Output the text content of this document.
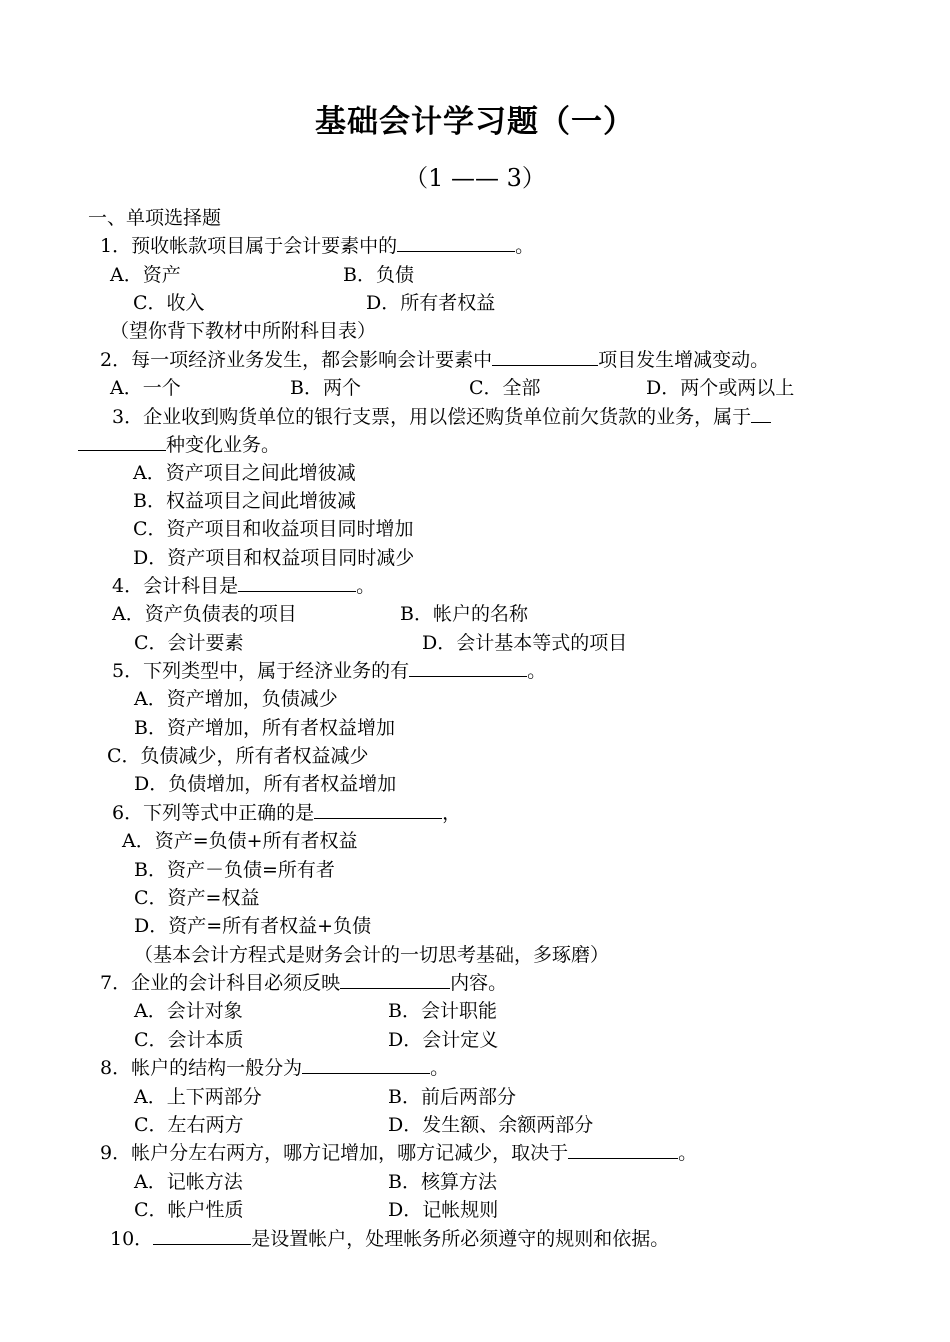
基础会计学习题（一）
（1 —— 3）
一、单项选择题
1．预收帐款项目属于会计要素中的	。
A．资产	B．负债
C．收入	D．所有者权益
（望你背下教材中所附科目表）
2．每一项经济业务发生，都会影响会计要素中	项目发生增减变动。
A．一个	B．两个	C．全部	D．两个或两以上
3．企业收到购货单位的银行支票，用以偿还购货单位前欠货款的业务，属于
种变化业务。
A．资产项目之间此增彼减
B．权益项目之间此增彼减
C．资产项目和收益项目同时增加
D．资产项目和权益项目同时减少
4．会计科目是	。
A．资产负债表的项目	B．帐户的名称
C．会计要素	D．会计基本等式的项目
5．下列类型中，属于经济业务的有	。
A．资产增加，负债减少
B．资产增加，所有者权益增加
C．负债减少，所有者权益减少
D．负债增加，所有者权益增加
6．下列等式中正确的是	，
A．资产=负债+所有者权益
B．资产－负债=所有者
C．资产=权益
D．资产=所有者权益+负债
（基本会计方程式是财务会计的一切思考基础，多琢磨）
7．企业的会计科目必须反映	内容。
A．会计对象	B．会计职能
C．会计本质	D．会计定义
8．帐户的结构一般分为	。
A．上下两部分	B．前后两部分
C．左右两方	D．发生额、余额两部分
9．帐户分左右两方，哪方记增加，哪方记减少，取决于	。
A．记帐方法	B．核算方法
C．帐户性质	D．记帐规则
10．	是设置帐户，处理帐务所必须遵守的规则和依据。
